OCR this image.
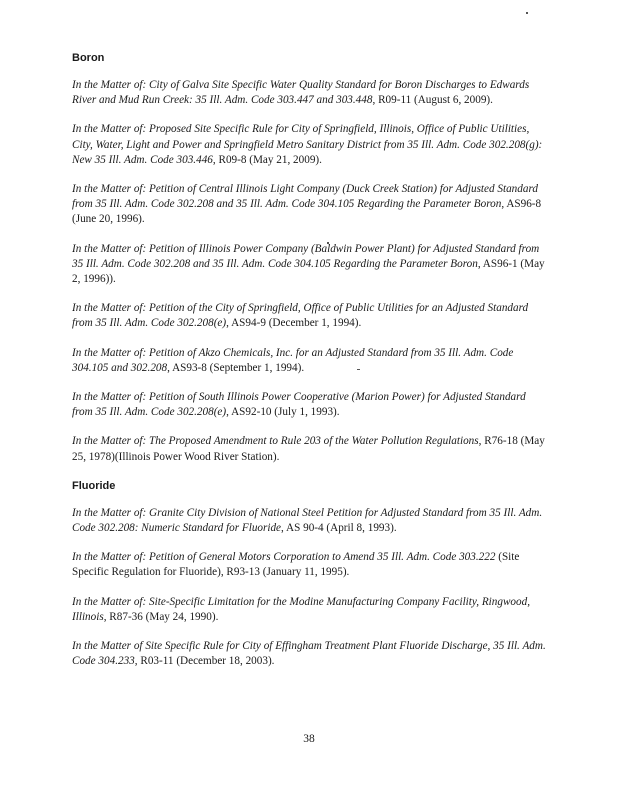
Boron
In the Matter of: City of Galva Site Specific Water Quality Standard for Boron Discharges to Edwards River and Mud Run Creek: 35 Ill. Adm. Code 303.447 and 303.448, R09-11 (August 6, 2009).
In the Matter of: Proposed Site Specific Rule for City of Springfield, Illinois, Office of Public Utilities, City, Water, Light and Power and Springfield Metro Sanitary District from 35 Ill. Adm. Code 302.208(g): New 35 Ill. Adm. Code 303.446, R09-8 (May 21, 2009).
In the Matter of: Petition of Central Illinois Light Company (Duck Creek Station) for Adjusted Standard from 35 Ill. Adm. Code 302.208 and 35 Ill. Adm. Code 304.105 Regarding the Parameter Boron, AS96-8 (June 20, 1996).
In the Matter of: Petition of Illinois Power Company (Baldwin Power Plant) for Adjusted Standard from 35 Ill. Adm. Code 302.208 and 35 Ill. Adm. Code 304.105 Regarding the Parameter Boron, AS96-1 (May 2, 1996)).
In the Matter of: Petition of the City of Springfield, Office of Public Utilities for an Adjusted Standard from 35 Ill. Adm. Code 302.208(e), AS94-9 (December 1, 1994).
In the Matter of: Petition of Akzo Chemicals, Inc. for an Adjusted Standard from 35 Ill. Adm. Code 304.105 and 302.208, AS93-8 (September 1, 1994).
In the Matter of: Petition of South Illinois Power Cooperative (Marion Power) for Adjusted Standard from 35 Ill. Adm. Code 302.208(e), AS92-10 (July 1, 1993).
In the Matter of: The Proposed Amendment to Rule 203 of the Water Pollution Regulations, R76-18 (May 25, 1978)(Illinois Power Wood River Station).
Fluoride
In the Matter of: Granite City Division of National Steel Petition for Adjusted Standard from 35 Ill. Adm. Code 302.208: Numeric Standard for Fluoride, AS 90-4 (April 8, 1993).
In the Matter of: Petition of General Motors Corporation to Amend 35 Ill. Adm. Code 303.222 (Site Specific Regulation for Fluoride), R93-13 (January 11, 1995).
In the Matter of: Site-Specific Limitation for the Modine Manufacturing Company Facility, Ringwood, Illinois, R87-36 (May 24, 1990).
In the Matter of Site Specific Rule for City of Effingham Treatment Plant Fluoride Discharge, 35 Ill. Adm. Code 304.233, R03-11 (December 18, 2003).
38
